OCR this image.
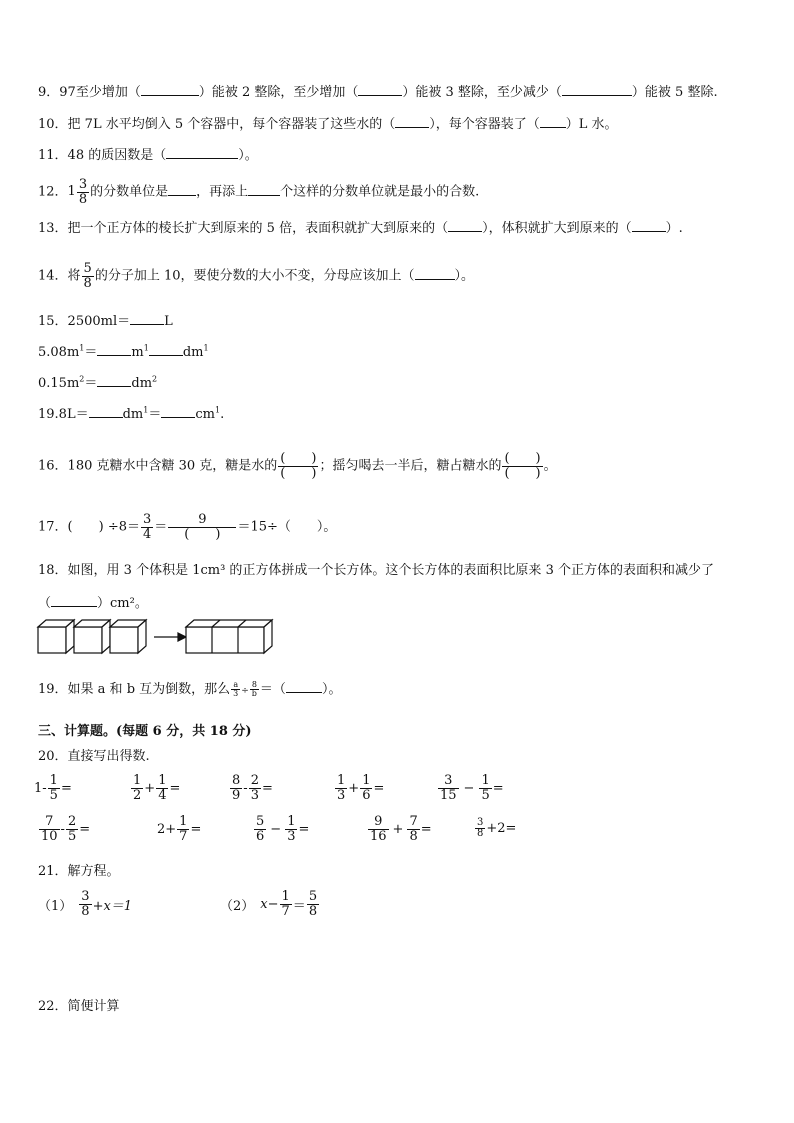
9．97至少增加（	）能被 2 整除，至少增加（	）能被 3 整除，至少减少（	）能被 5 整除.
10．把 7L 水平均倒入 5 个容器中，每个容器装了这些水的（	），每个容器装了（ ）L 水。
11．48 的质因数是（	）。
12． $1 \frac{3}{8}$ 的分数单位是 ，再添上 个这样的分数单位就是最小的合数.
13．把一个正方体的棱长扩大到原来的 5 倍，表面积就扩大到原来的（	），体积就扩大到原来的（	）.
14．将 $\frac{5}{8}$ 的分子加上 10，要使分数的大小不变，分母应该加上（	）。
15．2500ml＝	L
$5.08m^1=$	$m^1$	$dm^1$
$0.15m^2=$	$dm^2$
19.8L＝	$dm^1=$	$cm^1$.
16．180 克糖水中含糖 30 克，糖是水的 $\frac{( )}{( )}$ ；摇匀喝去一半后，糖占糖水的 $\frac{( )}{( )}$ 。
17．(　　) $\div 8= \frac{3}{4} = \frac{9}{( )} =15\div$（　　）。
18．如图，用 3 个体积是 1cm³ 的正方体拼成一个长方体。这个长方体的表面积比原来 3 个正方体的表面积和减少了
（	）cm²。
19．如果 a 和 b 互为倒数，那么 $\frac{a}{3} \div \frac{8}{b}$ ＝（	）。
三、计算题。(每题 6 分，共 18 分)
20．直接写出得数.
$1- \frac{1}{5}$ =	$\frac{1}{2} + \frac{1}{4}$ =	$\frac{8}{9} - \frac{2}{3}$ =	$\frac{1}{3} + \frac{1}{6}$ =	$\frac{3}{15} - \frac{1}{5}$ =
$\frac{7}{10} - \frac{2}{5}$ =	$2+ \frac{1}{7}$ =	$\frac{5}{6} - \frac{1}{3}$ =	$\frac{9}{16} + \frac{7}{8}$ =	$\frac{3}{8} +2=$
21．解方程。
$(1) \frac{3}{8} +x=1$	（2） $x- \frac{1}{7} = \frac{5}{8}$
22．简便计算
